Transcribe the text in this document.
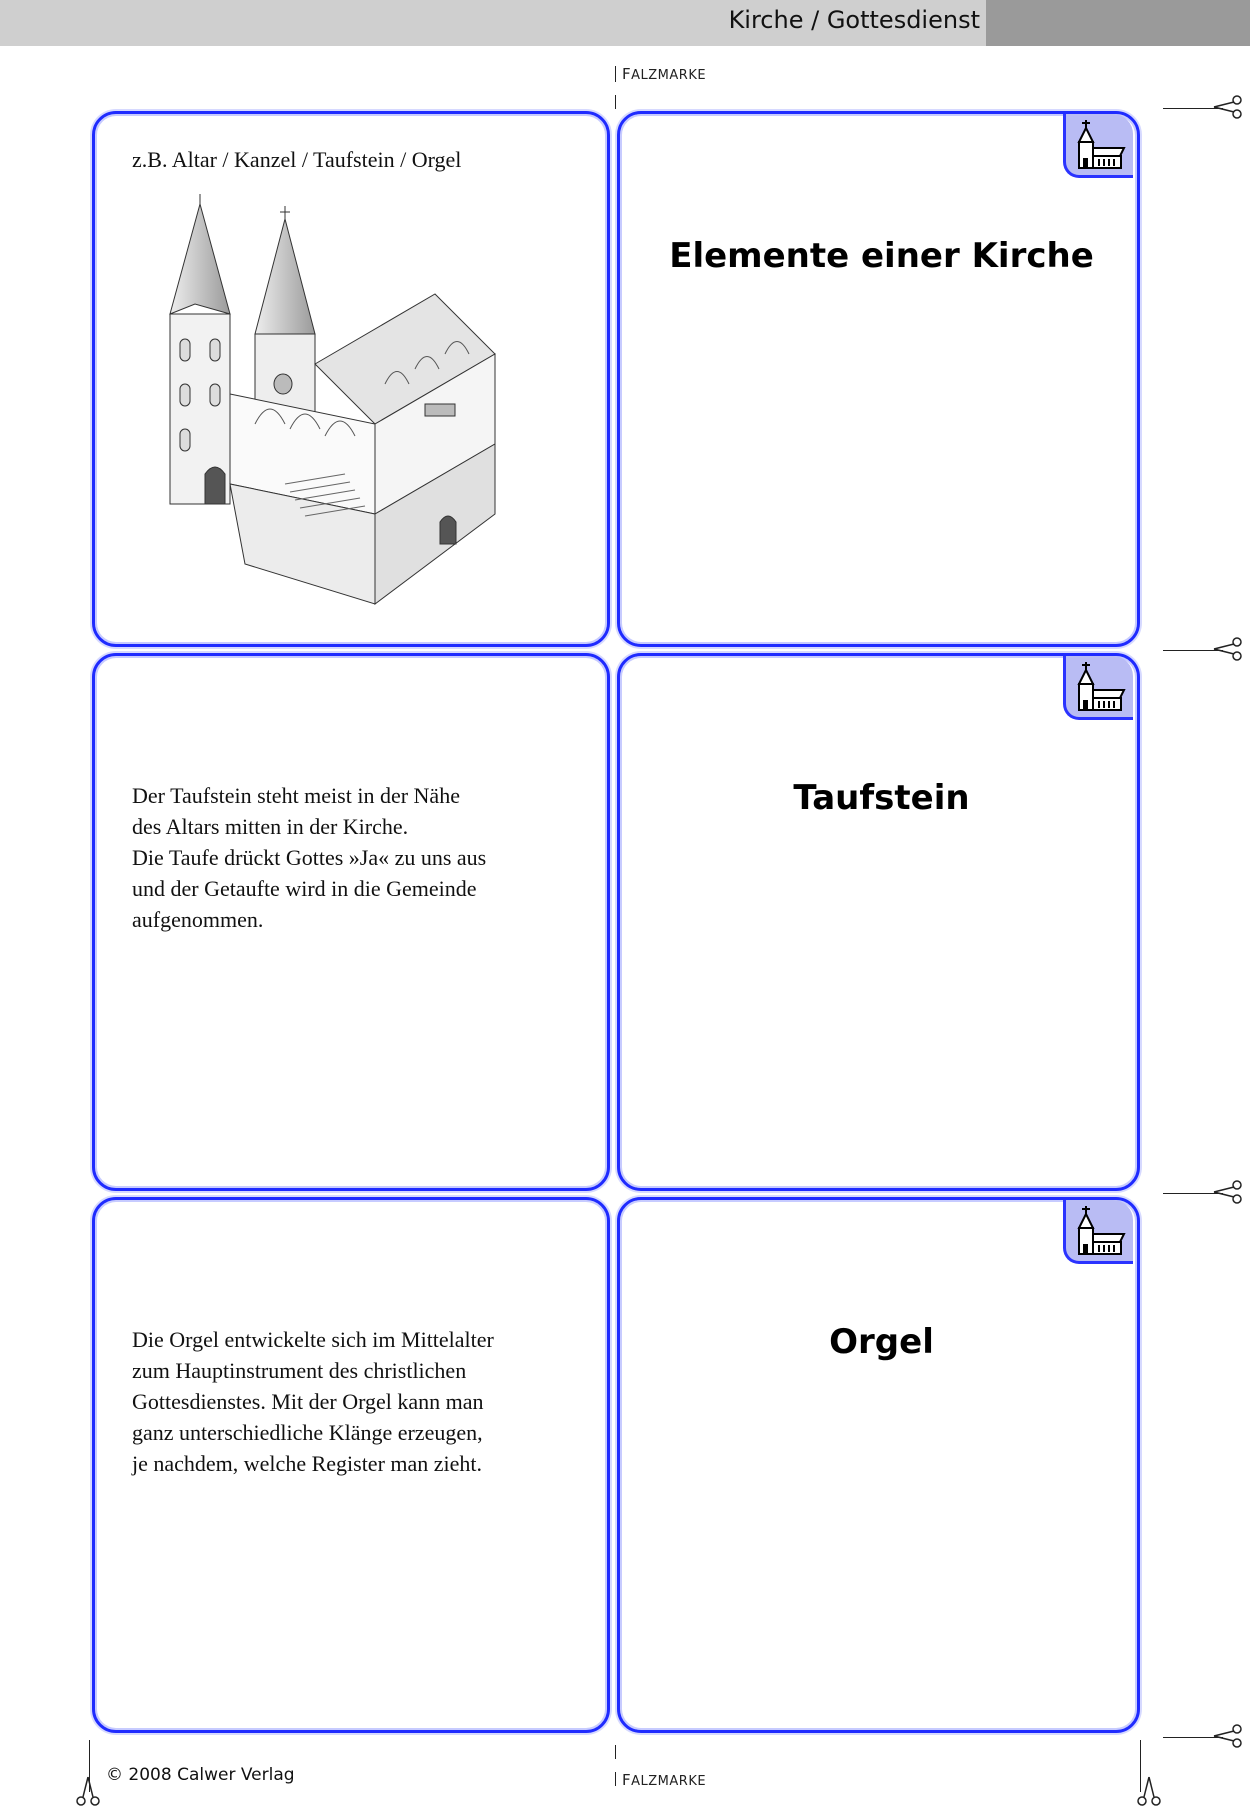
Kirche / Gottesdienst
FALZMARKE
z.B. Altar / Kanzel / Taufstein / Orgel
Elemente einer Kirche
Der Taufstein steht meist in der Nähe
des Altars mitten in der Kirche.
Die Taufe drückt Gottes »Ja« zu uns aus
und der Getaufte wird in die Gemeinde
aufgenommen.
Taufstein
Die Orgel entwickelte sich im Mittelalter
zum Hauptinstrument des christlichen
Gottesdienstes. Mit der Orgel kann man
ganz unterschiedliche Klänge erzeugen,
je nachdem, welche Register man zieht.
Orgel
FALZMARKE
© 2008 Calwer Verlag
